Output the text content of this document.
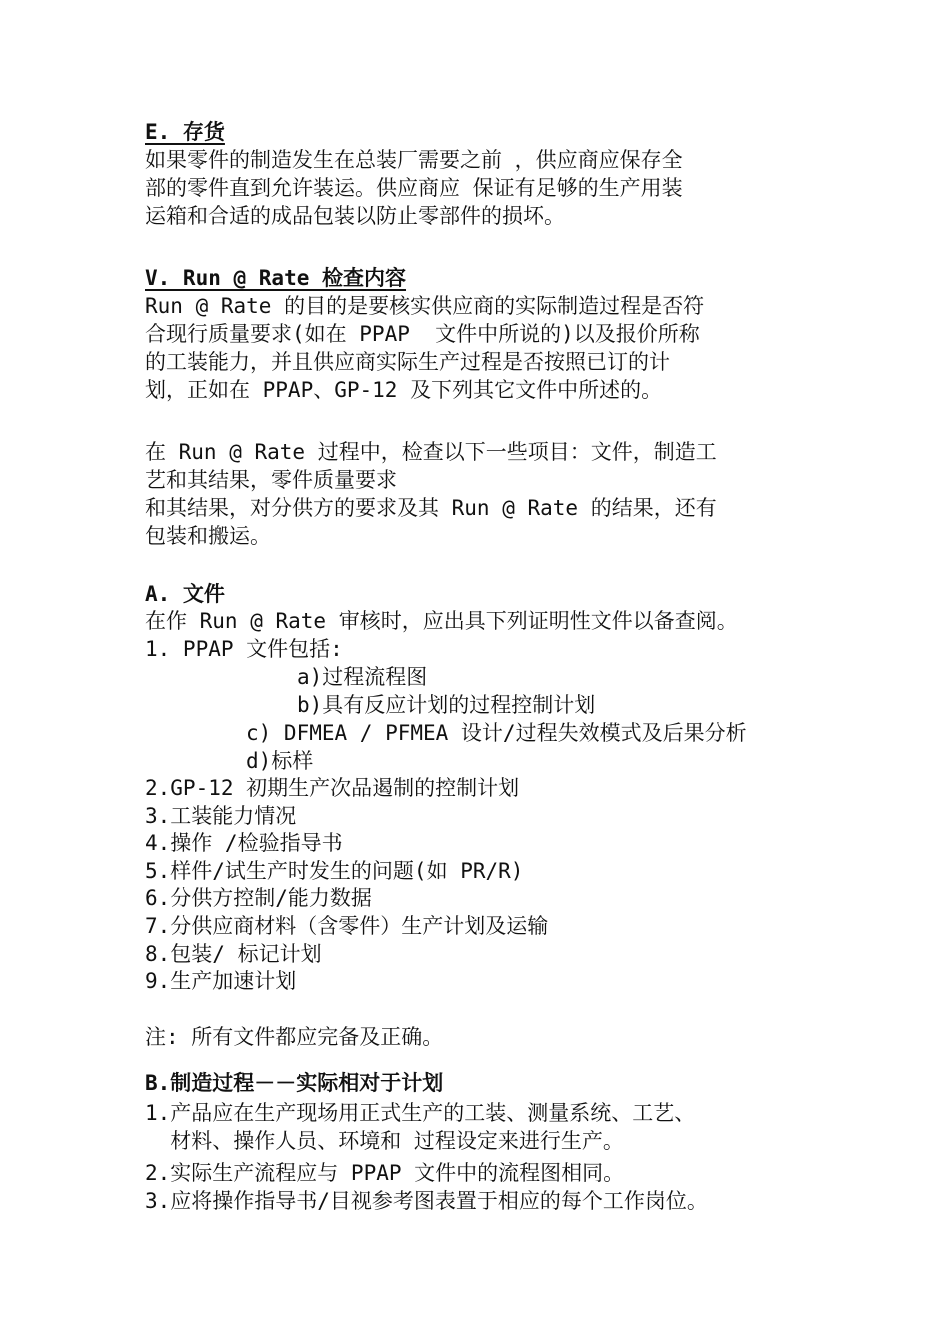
E. 存货
如果零件的制造发生在总装厂需要之前 ，供应商应保存全
部的零件直到允许装运。供应商应 保证有足够的生产用装
运箱和合适的成品包装以防止零部件的损坏。
V. Run @ Rate 检查内容
Run @ Rate 的目的是要核实供应商的实际制造过程是否符
合现行质量要求(如在 PPAP  文件中所说的)以及报价所称
的工装能力，并且供应商实际生产过程是否按照已订的计
划，正如在 PPAP、GP-12 及下列其它文件中所述的。
在 Run @ Rate 过程中，检查以下一些项目：文件，制造工
艺和其结果，零件质量要求
和其结果，对分供方的要求及其 Run @ Rate 的结果，还有
包装和搬运。
A. 文件
在作 Run @ Rate 审核时，应出具下列证明性文件以备查阅。
1. PPAP 文件包括:
a)过程流程图
b)具有反应计划的过程控制计划
c) DFMEA / PFMEA 设计/过程失效模式及后果分析
d)标样
2.GP-12 初期生产次品遏制的控制计划
3.工装能力情况
4.操作 /检验指导书
5.样件/试生产时发生的问题(如 PR/R)
6.分供方控制/能力数据
7.分供应商材料（含零件）生产计划及运输
8.包装/ 标记计划
9.生产加速计划
注: 所有文件都应完备及正确。
B.制造过程－－实际相对于计划
1.产品应在生产现场用正式生产的工装、测量系统、工艺、
材料、操作人员、环境和 过程设定来进行生产。
2.实际生产流程应与 PPAP 文件中的流程图相同。
3.应将操作指导书/目视参考图表置于相应的每个工作岗位。
